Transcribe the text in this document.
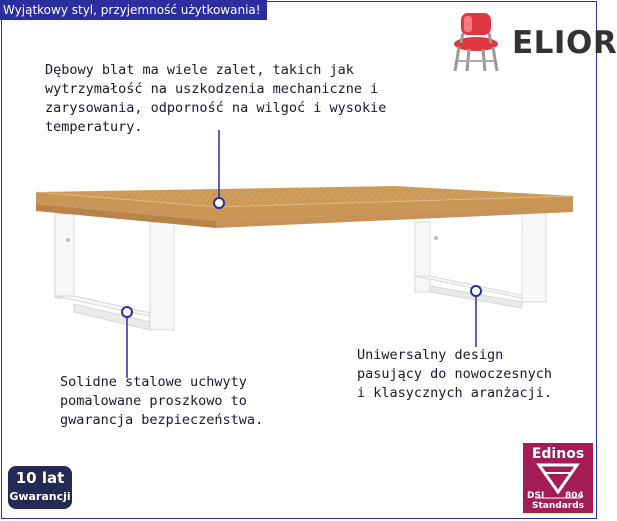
Wyjątkowy styl, przyjemność użytkowania!
ELIOR
Dębowy blat ma wiele zalet, takich jak
wytrzymałość na uszkodzenia mechaniczne i
zarysowania, odporność na wilgoć i wysokie
temperatury.
Solidne stalowe uchwyty
pomalowane proszkowo to
gwarancja bezpieczeństwa.
Uniwersalny design
pasujący do nowoczesnych
i klasycznych aranżacji.
10 lat
Gwarancji
Edinos
DSI 804
Standards
